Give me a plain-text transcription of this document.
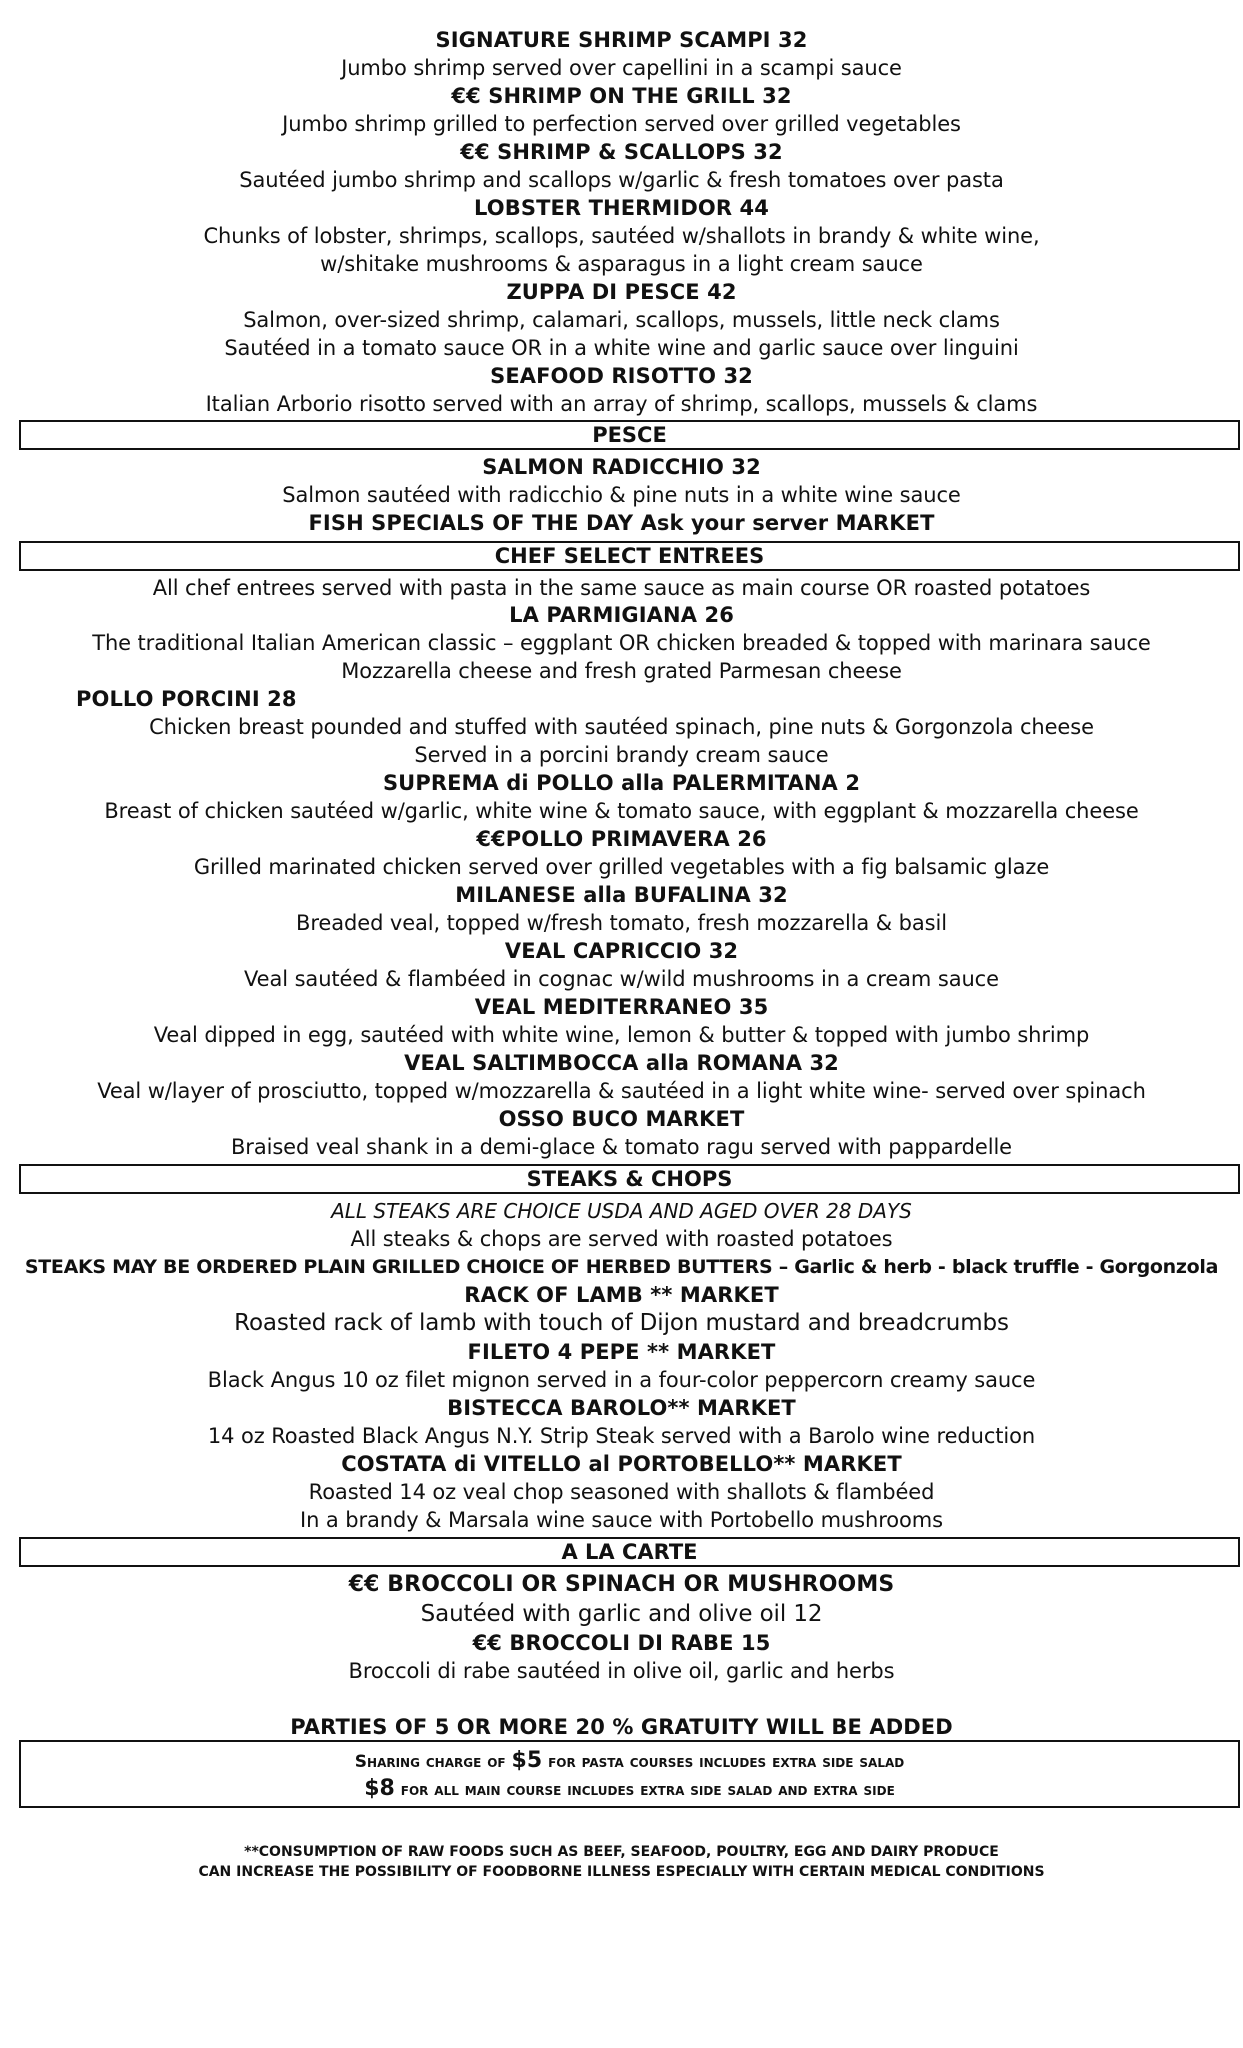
SIGNATURE SHRIMP SCAMPI 32
Jumbo shrimp served over capellini in a scampi sauce
€€ SHRIMP ON THE GRILL 32
Jumbo shrimp grilled to perfection served over grilled vegetables
€€ SHRIMP & SCALLOPS 32
Sautéed jumbo shrimp and scallops w/garlic & fresh tomatoes over pasta
LOBSTER THERMIDOR 44
Chunks of lobster, shrimps, scallops, sautéed w/shallots in brandy & white wine,
w/shitake mushrooms & asparagus in a light cream sauce
ZUPPA DI PESCE 42
Salmon, over-sized shrimp, calamari, scallops, mussels, little neck clams
Sautéed in a tomato sauce OR in a white wine and garlic sauce over linguini
SEAFOOD RISOTTO 32
Italian Arborio risotto served with an array of shrimp, scallops, mussels & clams
PESCE
SALMON RADICCHIO 32
Salmon sautéed with radicchio & pine nuts in a white wine sauce
FISH SPECIALS OF THE DAY Ask your server MARKET
CHEF SELECT ENTREES
All chef entrees served with pasta in the same sauce as main course OR roasted potatoes
LA PARMIGIANA 26
The traditional Italian American classic – eggplant OR chicken breaded & topped with marinara sauce
Mozzarella cheese and fresh grated Parmesan cheese
POLLO PORCINI 28
Chicken breast pounded and stuffed with sautéed spinach, pine nuts & Gorgonzola cheese
Served in a porcini brandy cream sauce
SUPREMA di POLLO alla PALERMITANA 2
Breast of chicken sautéed w/garlic, white wine & tomato sauce, with eggplant & mozzarella cheese
€€POLLO PRIMAVERA 26
Grilled marinated chicken served over grilled vegetables with a fig balsamic glaze
MILANESE alla BUFALINA 32
Breaded veal, topped w/fresh tomato, fresh mozzarella & basil
VEAL CAPRICCIO 32
Veal sautéed & flambéed in cognac w/wild mushrooms in a cream sauce
VEAL MEDITERRANEO 35
Veal dipped in egg, sautéed with white wine, lemon & butter & topped with jumbo shrimp
VEAL SALTIMBOCCA alla ROMANA 32
Veal w/layer of prosciutto, topped w/mozzarella & sautéed in a light white wine- served over spinach
OSSO BUCO MARKET
Braised veal shank in a demi-glace & tomato ragu served with pappardelle
STEAKS & CHOPS
ALL STEAKS ARE CHOICE USDA AND AGED OVER 28 DAYS
All steaks & chops are served with roasted potatoes
STEAKS MAY BE ORDERED PLAIN GRILLED CHOICE OF HERBED BUTTERS – Garlic & herb - black truffle - Gorgonzola
RACK OF LAMB ** MARKET
Roasted rack of lamb with touch of Dijon mustard and breadcrumbs
FILETO 4 PEPE ** MARKET
Black Angus 10 oz filet mignon served in a four-color peppercorn creamy sauce
BISTECCA BAROLO** MARKET
14 oz Roasted Black Angus N.Y. Strip Steak served with a Barolo wine reduction
COSTATA di VITELLO al PORTOBELLO** MARKET
Roasted 14 oz veal chop seasoned with shallots & flambéed
In a brandy & Marsala wine sauce with Portobello mushrooms
A LA CARTE
€€ BROCCOLI OR SPINACH OR MUSHROOMS
Sautéed with garlic and olive oil 12
€€ BROCCOLI DI RABE 15
Broccoli di rabe sautéed in olive oil, garlic and herbs
PARTIES OF 5 OR MORE 20 % GRATUITY WILL BE ADDED
Sharing charge of $5 for pasta courses includes extra side salad
$8 for all main course includes extra side salad and extra side
**CONSUMPTION OF RAW FOODS SUCH AS BEEF, SEAFOOD, POULTRY, EGG AND DAIRY PRODUCE
CAN INCREASE THE POSSIBILITY OF FOODBORNE ILLNESS ESPECIALLY WITH CERTAIN MEDICAL CONDITIONS
